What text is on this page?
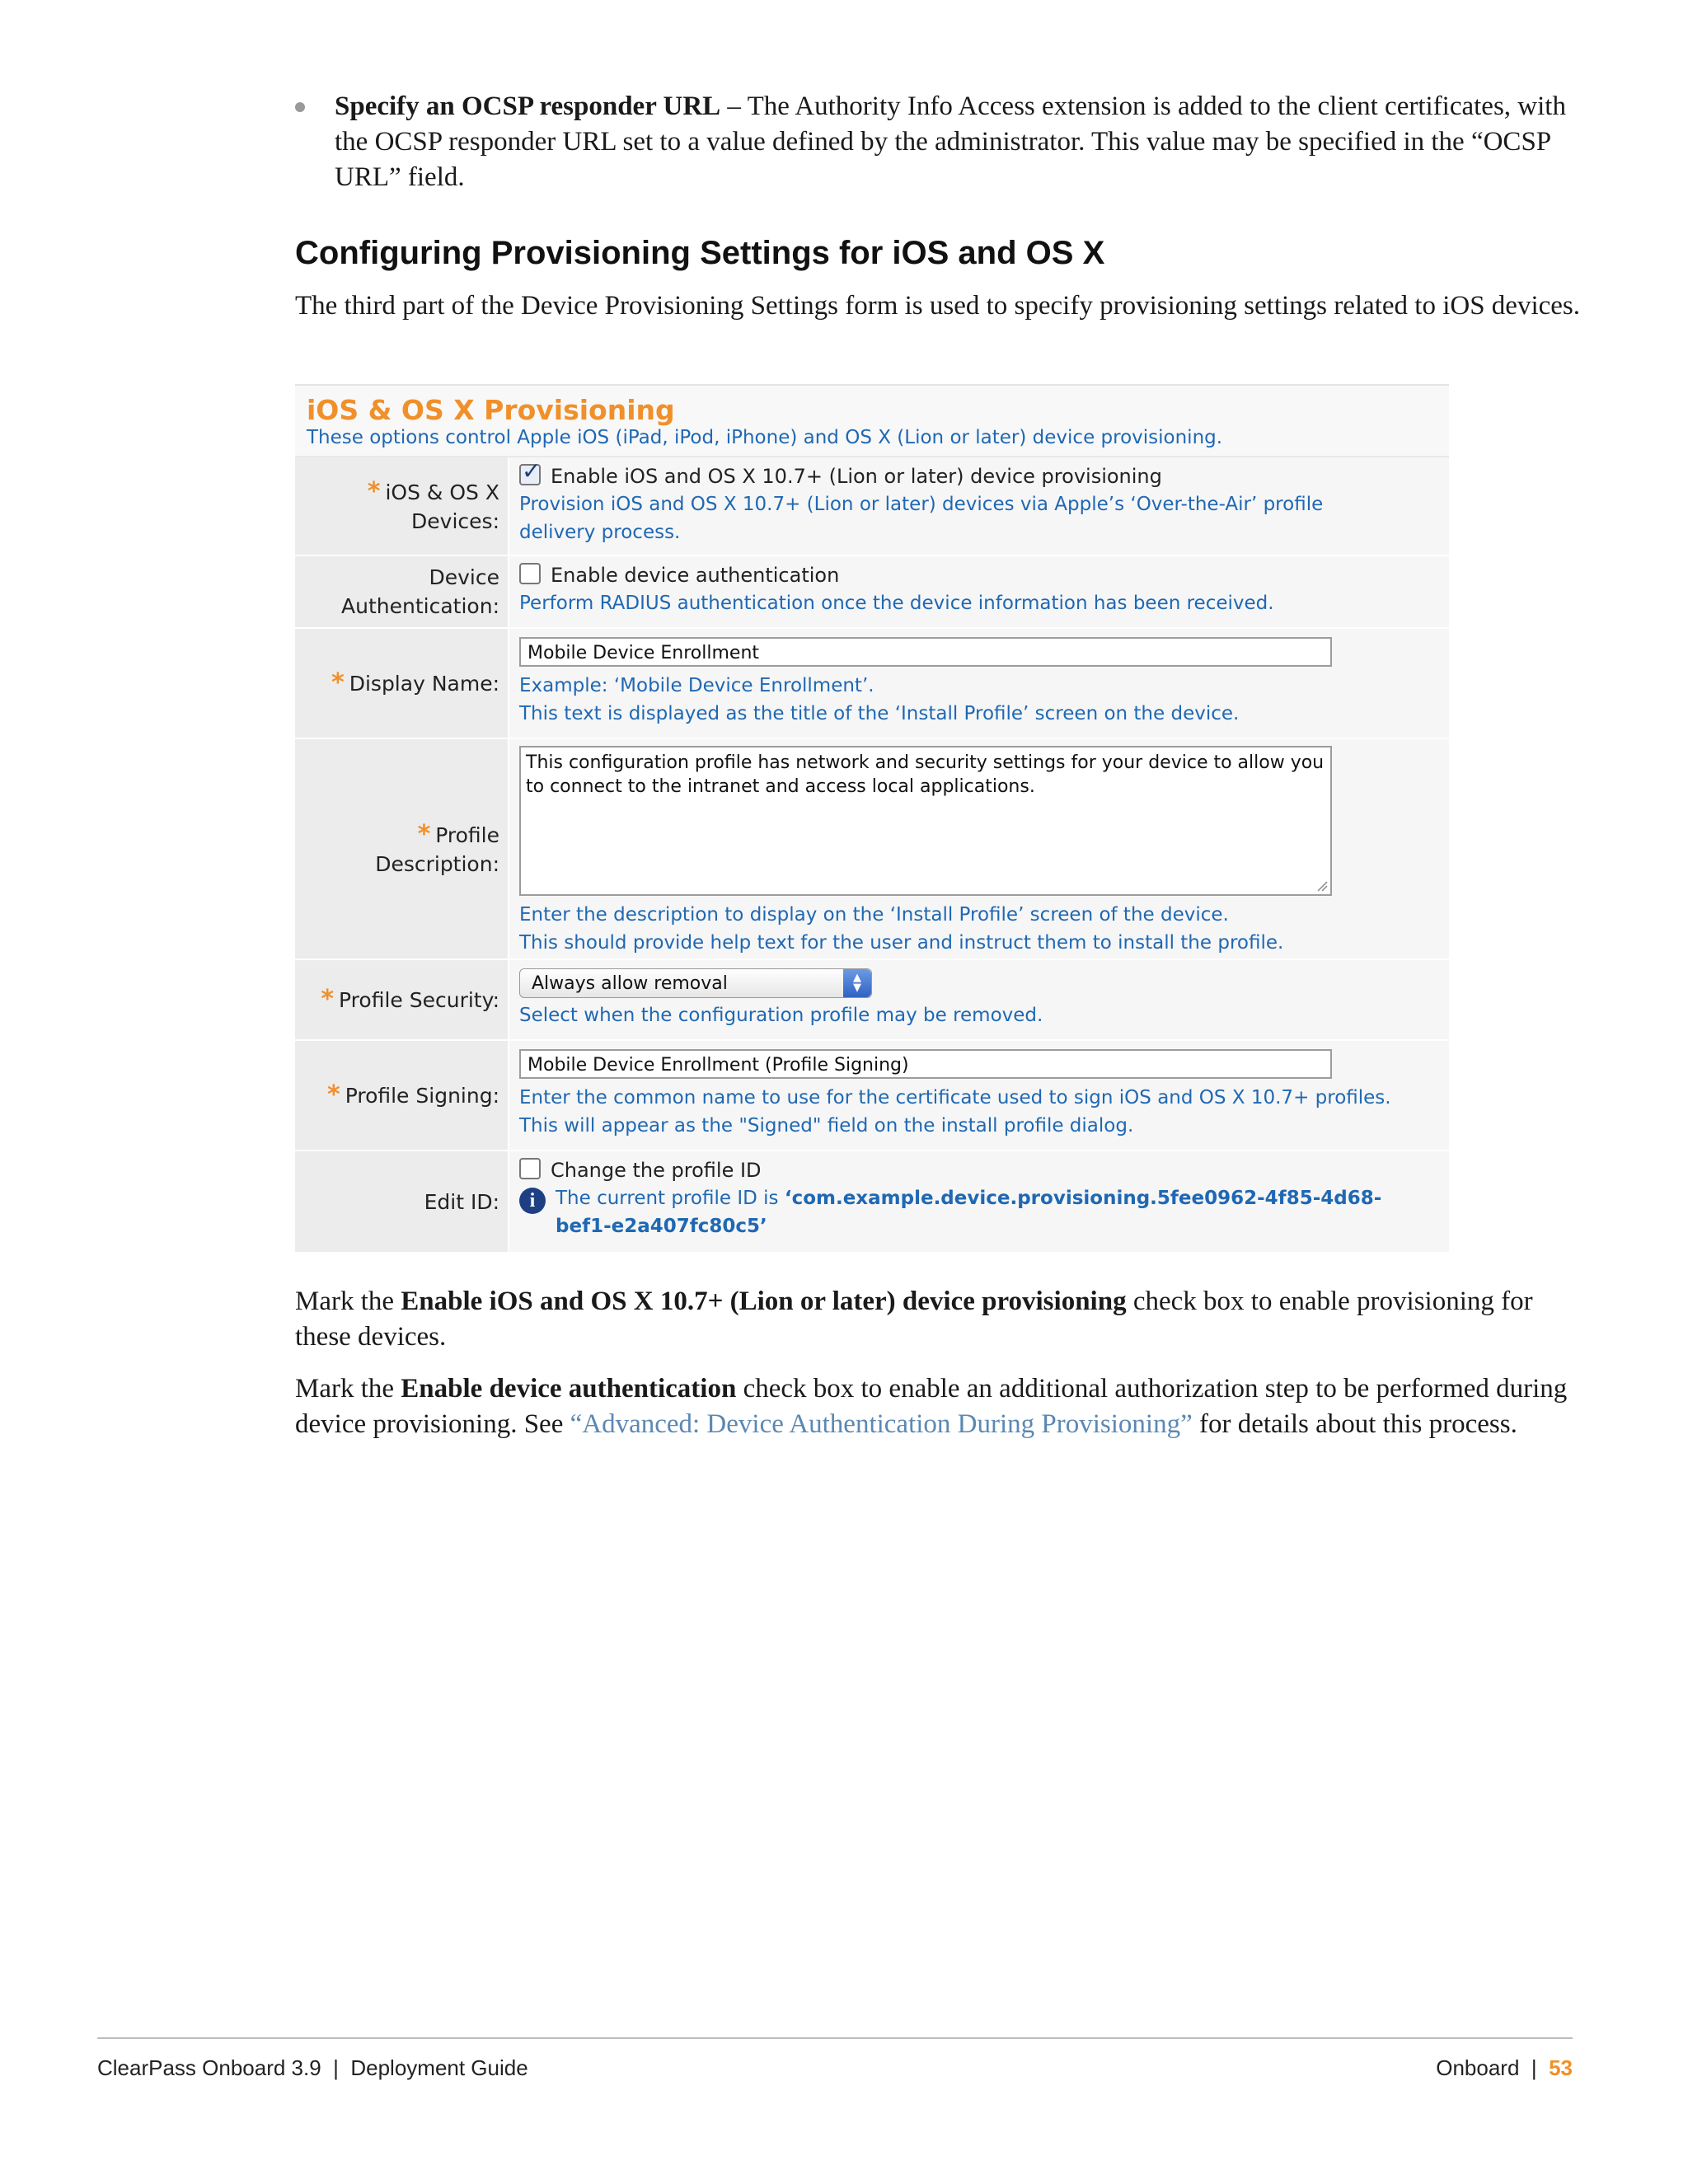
Specify an OCSP responder URL – The Authority Info Access extension is added to the client certificates, with the OCSP responder URL set to a value defined by the administrator. This value may be specified in the “OCSP URL” field.
Configuring Provisioning Settings for iOS and OS X
The third part of the Device Provisioning Settings form is used to specify provisioning settings related to iOS devices.
iOS & OS X Provisioning
These options control Apple iOS (iPad, iPod, iPhone) and OS X (Lion or later) device provisioning.
* iOS & OS X
Devices:
✓Enable iOS and OS X 10.7+ (Lion or later) device provisioning
Provision iOS and OS X 10.7+ (Lion or later) devices via Apple’s ‘Over-the-Air’ profile delivery process.
Device
Authentication:
Enable device authentication
Perform RADIUS authentication once the device information has been received.
* Display Name:
Mobile Device Enrollment
Example: ‘Mobile Device Enrollment’.
This text is displayed as the title of the ‘Install Profile’ screen on the device.
* Profile
Description:
This configuration profile has network and security settings for your device to allow you to connect to the intranet and access local applications.
Enter the description to display on the ‘Install Profile’ screen of the device.
This should provide help text for the user and instruct them to install the profile.
* Profile Security:
Always allow removal	▲
▼
Select when the configuration profile may be removed.
* Profile Signing:
Mobile Device Enrollment (Profile Signing)
Enter the common name to use for the certificate used to sign iOS and OS X 10.7+ profiles.
This will appear as the "Signed" field on the install profile dialog.
Edit ID:
Change the profile ID
i	The current profile ID is ‘com.example.device.provisioning.5fee0962-4f85-4d68-bef1-e2a407fc80c5’
Mark the Enable iOS and OS X 10.7+ (Lion or later) device provisioning check box to enable provisioning for these devices.
Mark the Enable device authentication check box to enable an additional authorization step to be performed during device provisioning. See “Advanced: Device Authentication During Provisioning” for details about this process.
ClearPass Onboard 3.9  |  Deployment Guide	Onboard  |  53
